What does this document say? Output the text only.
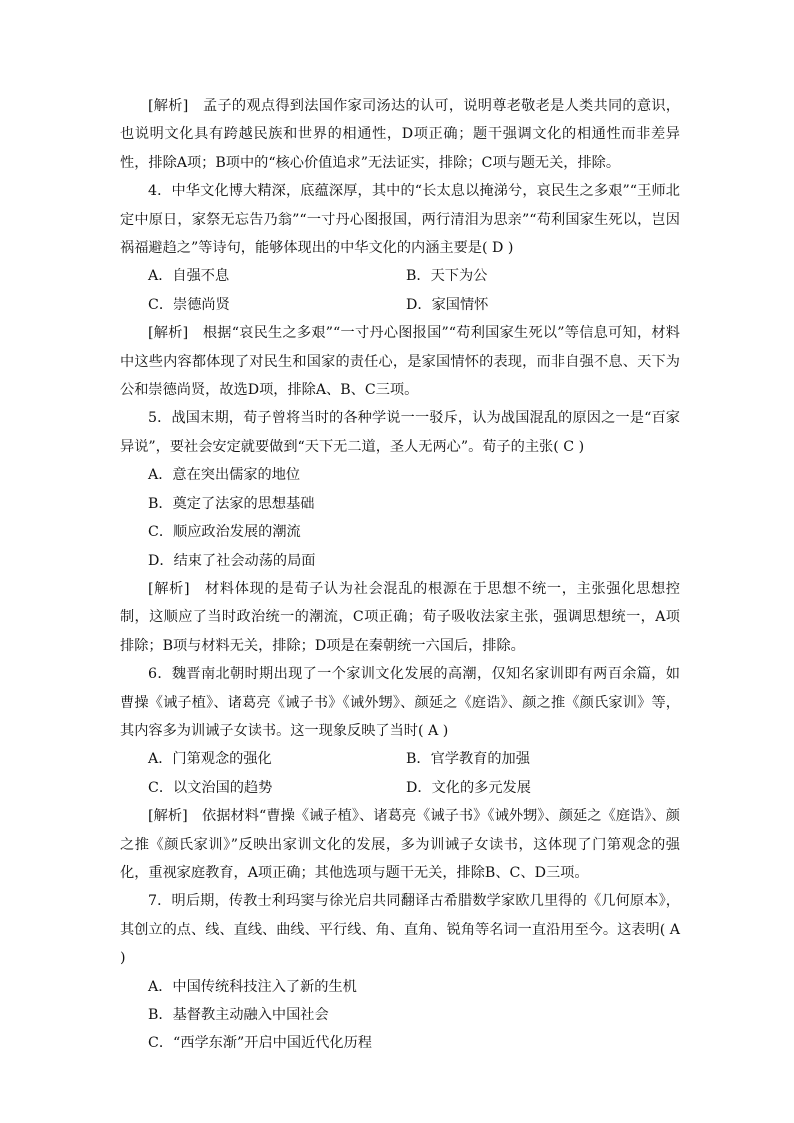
[解析]　孟子的观点得到法国作家司汤达的认可，说明尊老敬老是人类共同的意识，也说明文化具有跨越民族和世界的相通性，D项正确；题干强调文化的相通性而非差异性，排除A项；B项中的“核心价值追求”无法证实，排除；C项与题无关，排除。

4．中华文化博大精深，底蕴深厚，其中的“长太息以掩涕兮，哀民生之多艰”“王师北定中原日，家祭无忘告乃翁”“一寸丹心图报国，两行清泪为思亲”“苟利国家生死以，岂因祸福避趋之”等诗句，能够体现出的中华文化的内涵主要是( D )

A．自强不息	B．天下为公
C．崇德尚贤	D．家国情怀

[解析]　根据“哀民生之多艰”“一寸丹心图报国”“苟利国家生死以”等信息可知，材料中这些内容都体现了对民生和国家的责任心，是家国情怀的表现，而非自强不息、天下为公和崇德尚贤，故选D项，排除A、B、C三项。

5．战国末期，荀子曾将当时的各种学说一一驳斥，认为战国混乱的原因之一是“百家异说”，要社会安定就要做到“天下无二道，圣人无两心”。荀子的主张( C )

A．意在突出儒家的地位
B．奠定了法家的思想基础
C．顺应政治发展的潮流
D．结束了社会动荡的局面

[解析]　材料体现的是荀子认为社会混乱的根源在于思想不统一，主张强化思想控制，这顺应了当时政治统一的潮流，C项正确；荀子吸收法家主张，强调思想统一，A项排除；B项与材料无关，排除；D项是在秦朝统一六国后，排除。

6．魏晋南北朝时期出现了一个家训文化发展的高潮，仅知名家训即有两百余篇，如曹操《诫子植》、诸葛亮《诫子书》《诫外甥》、颜延之《庭诰》、颜之推《颜氏家训》等，其内容多为训诫子女读书。这一现象反映了当时( A )

A．门第观念的强化	B．官学教育的加强
C．以文治国的趋势	D．文化的多元发展

[解析]　依据材料“曹操《诫子植》、诸葛亮《诫子书》《诫外甥》、颜延之《庭诰》、颜之推《颜氏家训》”反映出家训文化的发展，多为训诫子女读书，这体现了门第观念的强化，重视家庭教育，A项正确；其他选项与题干无关，排除B、C、D三项。

7．明后期，传教士利玛窦与徐光启共同翻译古希腊数学家欧几里得的《几何原本》，其创立的点、线、直线、曲线、平行线、角、直角、锐角等名词一直沿用至今。这表明( A )

A．中国传统科技注入了新的生机
B．基督教主动融入中国社会
C．“西学东渐”开启中国近代化历程
